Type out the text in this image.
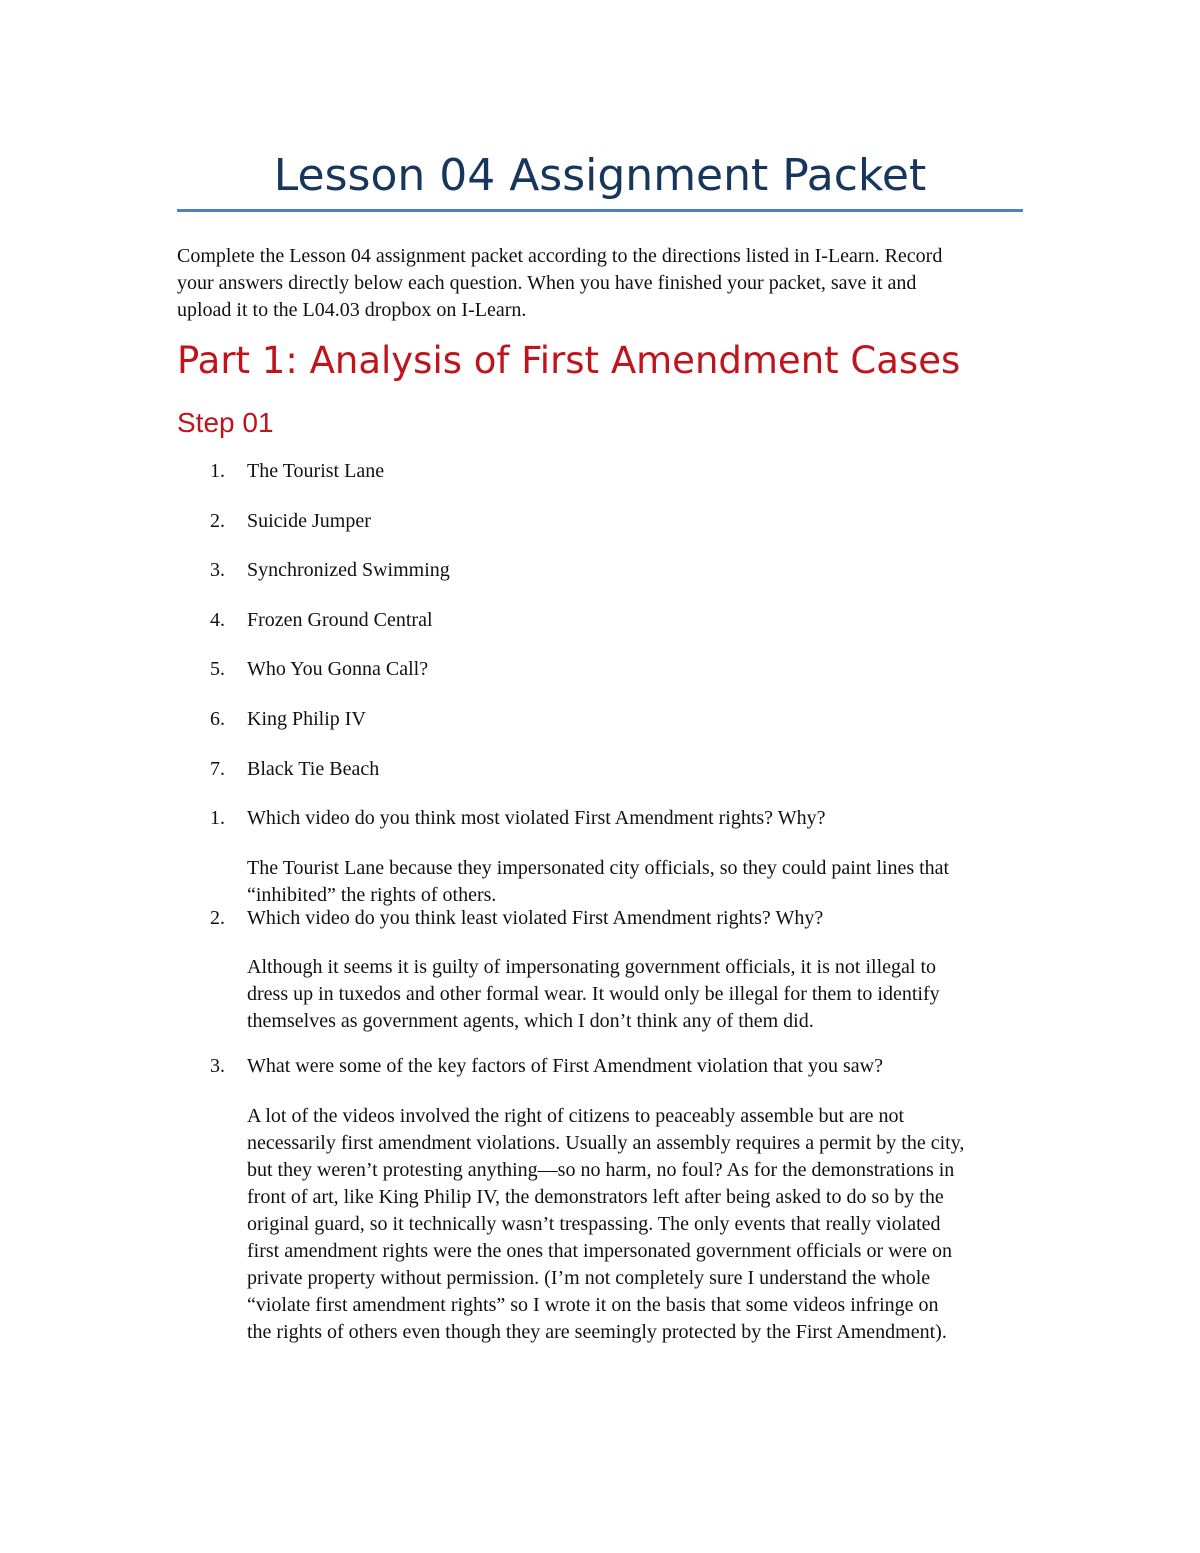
Lesson 04 Assignment Packet
Complete the Lesson 04 assignment packet according to the directions listed in I-Learn. Record
your answers directly below each question. When you have finished your packet, save it and
upload it to the L04.03 dropbox on I-Learn.
Part 1: Analysis of First Amendment Cases
Step 01
1. The Tourist Lane
2. Suicide Jumper
3. Synchronized Swimming
4. Frozen Ground Central
5. Who You Gonna Call?
6. King Philip IV
7. Black Tie Beach
1. Which video do you think most violated First Amendment rights? Why?
The Tourist Lane because they impersonated city officials, so they could paint lines that
“inhibited” the rights of others.
2. Which video do you think least violated First Amendment rights? Why?
Although it seems it is guilty of impersonating government officials, it is not illegal to
dress up in tuxedos and other formal wear. It would only be illegal for them to identify
themselves as government agents, which I don’t think any of them did.
3. What were some of the key factors of First Amendment violation that you saw?
A lot of the videos involved the right of citizens to peaceably assemble but are not
necessarily first amendment violations. Usually an assembly requires a permit by the city,
but they weren’t protesting anything—so no harm, no foul? As for the demonstrations in
front of art, like King Philip IV, the demonstrators left after being asked to do so by the
original guard, so it technically wasn’t trespassing. The only events that really violated
first amendment rights were the ones that impersonated government officials or were on
private property without permission. (I’m not completely sure I understand the whole
“violate first amendment rights” so I wrote it on the basis that some videos infringe on
the rights of others even though they are seemingly protected by the First Amendment).
